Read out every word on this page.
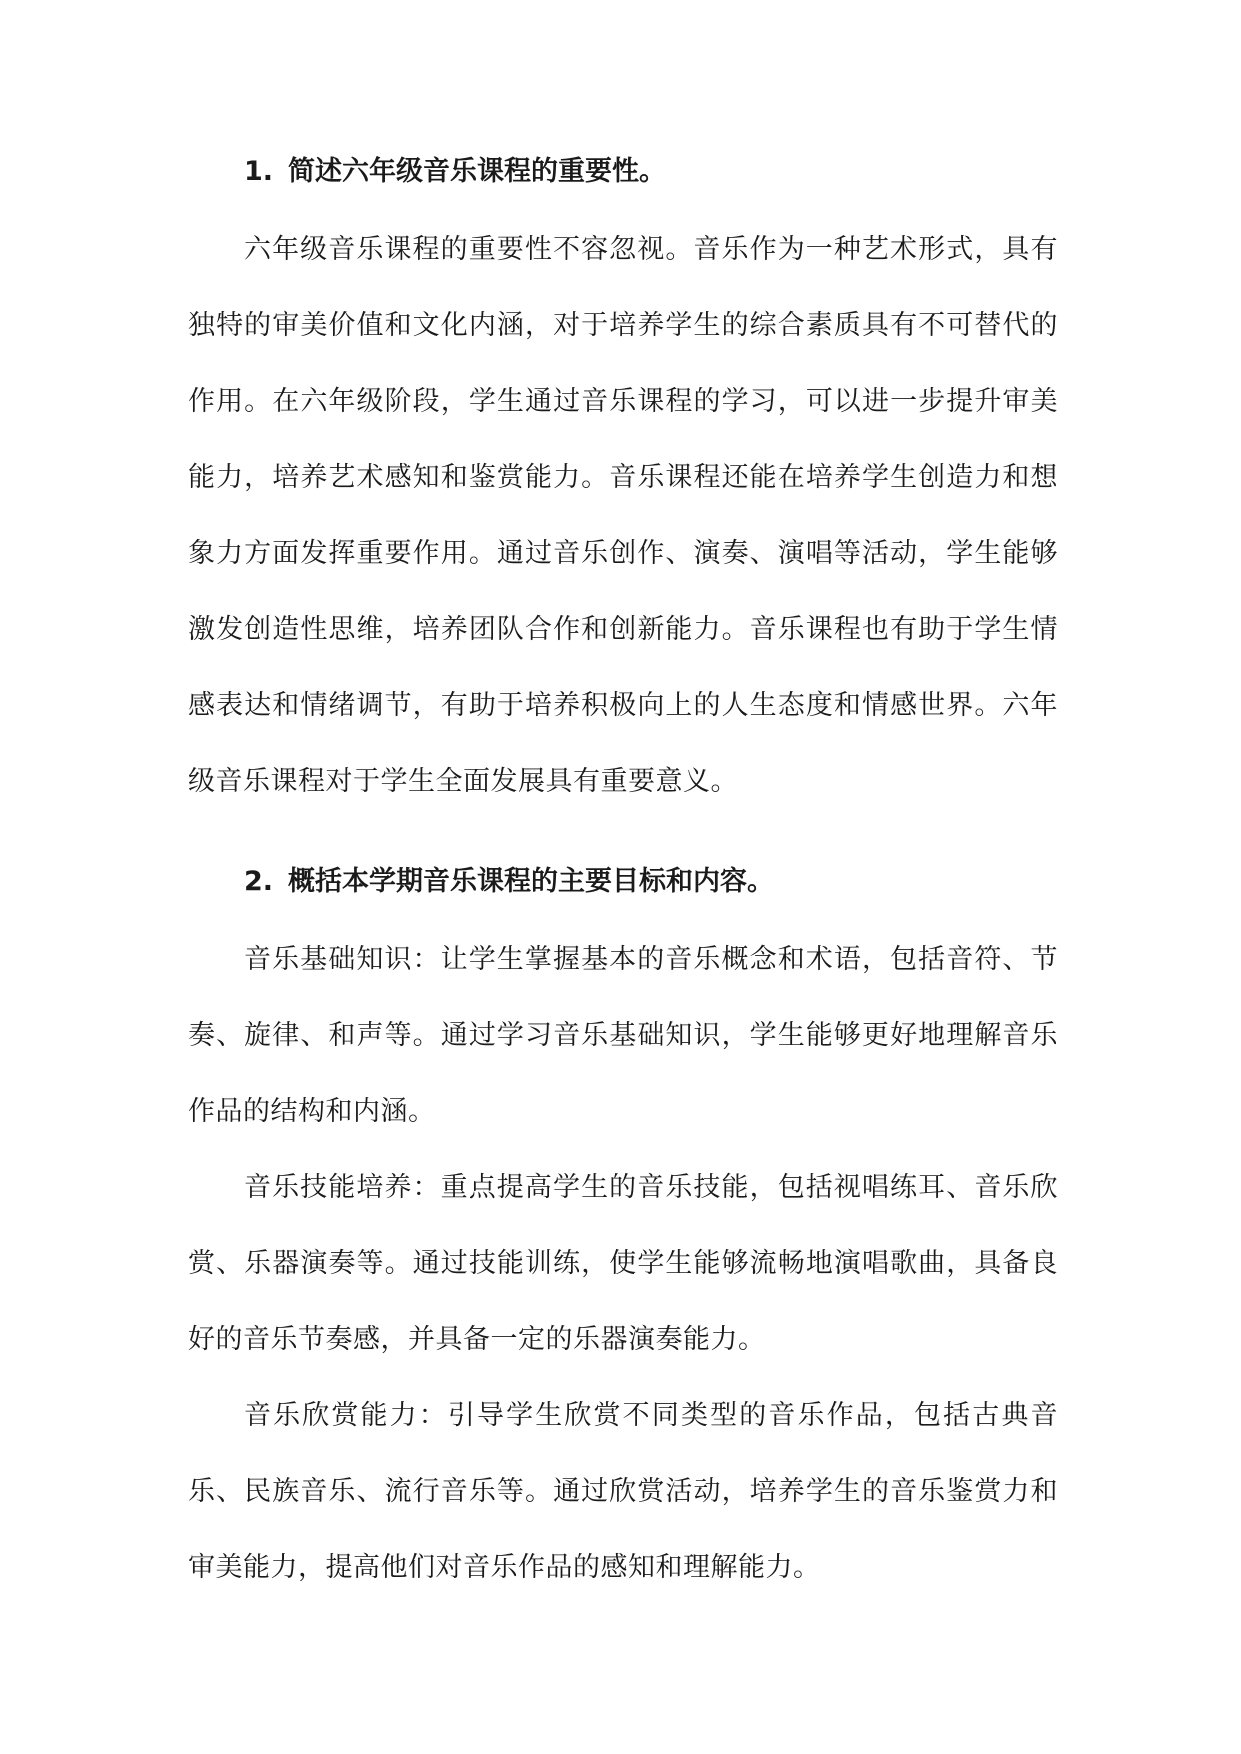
1. 简述六年级音乐课程的重要性。

六年级音乐课程的重要性不容忽视。音乐作为一种艺术形式，具有独特的审美价值和文化内涵，对于培养学生的综合素质具有不可替代的作用。在六年级阶段，学生通过音乐课程的学习，可以进一步提升审美能力，培养艺术感知和鉴赏能力。音乐课程还能在培养学生创造力和想象力方面发挥重要作用。通过音乐创作、演奏、演唱等活动，学生能够激发创造性思维，培养团队合作和创新能力。音乐课程也有助于学生情感表达和情绪调节，有助于培养积极向上的人生态度和情感世界。六年级音乐课程对于学生全面发展具有重要意义。

2. 概括本学期音乐课程的主要目标和内容。

音乐基础知识：让学生掌握基本的音乐概念和术语，包括音符、节奏、旋律、和声等。通过学习音乐基础知识，学生能够更好地理解音乐作品的结构和内涵。

音乐技能培养：重点提高学生的音乐技能，包括视唱练耳、音乐欣赏、乐器演奏等。通过技能训练，使学生能够流畅地演唱歌曲，具备良好的音乐节奏感，并具备一定的乐器演奏能力。

音乐欣赏能力：引导学生欣赏不同类型的音乐作品，包括古典音乐、民族音乐、流行音乐等。通过欣赏活动，培养学生的音乐鉴赏力和审美能力，提高他们对音乐作品的感知和理解能力。
